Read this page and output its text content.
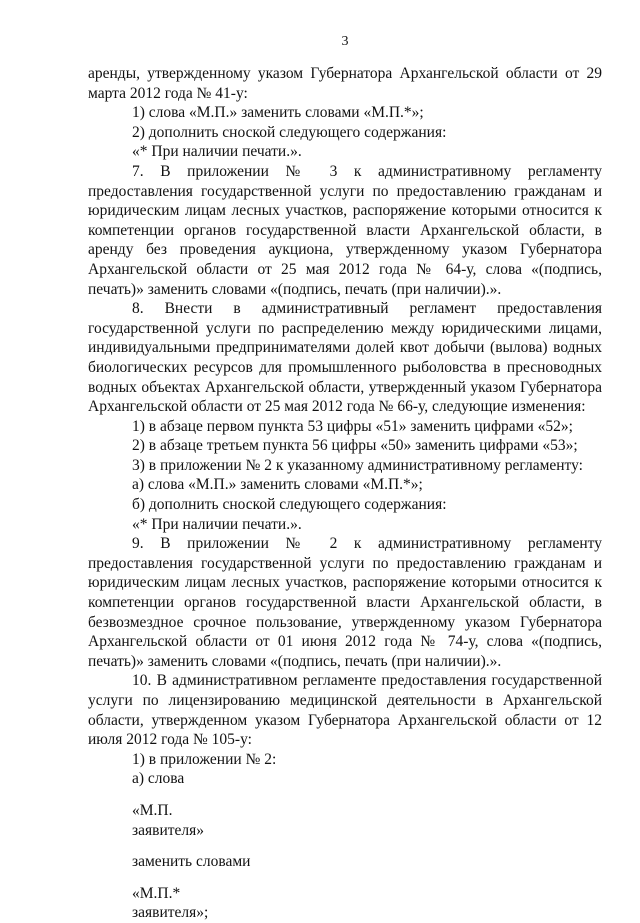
3

аренды, утвержденному указом Губернатора Архангельской области от 29 марта 2012 года № 41-у:

1) слова «М.П.» заменить словами «М.П.*»;

2) дополнить сноской следующего содержания:

«* При наличии печати.».

7. В приложении № 3 к административному регламенту предоставления государственной услуги по предоставлению гражданам и юридическим лицам лесных участков, распоряжение которыми относится к компетенции органов государственной власти Архангельской области, в аренду без проведения аукциона, утвержденному указом Губернатора Архангельской области от 25 мая 2012 года № 64-у, слова «(подпись, печать)» заменить словами «(подпись, печать (при наличии).».

8. Внести в административный регламент предоставления государственной услуги по распределению между юридическими лицами, индивидуальными предпринимателями долей квот добычи (вылова) водных биологических ресурсов для промышленного рыболовства в пресноводных водных объектах Архангельской области, утвержденный указом Губернатора Архангельской области от 25 мая 2012 года № 66-у, следующие изменения:

1) в абзаце первом пункта 53 цифры «51» заменить цифрами «52»;

2) в абзаце третьем пункта 56 цифры «50» заменить цифрами «53»;

3) в приложении № 2 к указанному административному регламенту:

а) слова «М.П.» заменить словами «М.П.*»;

б) дополнить сноской следующего содержания:

«* При наличии печати.».

9. В приложении № 2 к административному регламенту предоставления государственной услуги по предоставлению гражданам и юридическим лицам лесных участков, распоряжение которыми относится к компетенции органов государственной власти Архангельской области, в безвозмездное срочное пользование, утвержденному указом Губернатора Архангельской области от 01 июня 2012 года № 74-у, слова «(подпись, печать)» заменить словами «(подпись, печать (при наличии).».

10. В административном регламенте предоставления государственной услуги по лицензированию медицинской деятельности в Архангельской области, утвержденном указом Губернатора Архангельской области от 12 июля 2012 года № 105-у:

1) в приложении № 2:

а) слова

«М.П.

заявителя»

заменить словами

«М.П.*

заявителя»;
